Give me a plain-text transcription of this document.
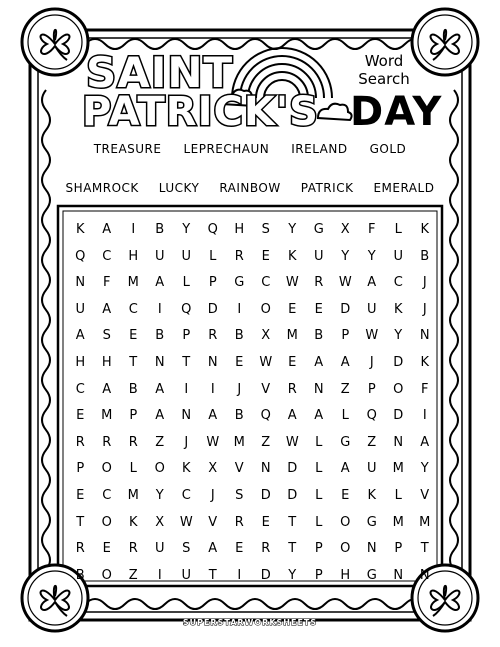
SAINT
PATRICK'S DAY
Word
Search
TREASURE LEPRECHAUN IRELAND GOLD
SHAMROCK LUCKY RAINBOW PATRICK EMERALD
K	A	I	B	Y	Q	H	S	Y	G	X	F	L	K
Q	C	H	U	U	L	R	E	K	U	Y	Y	U	B
N	F	M	A	L	P	G	C	W	R	W	A	C	J
U	A	C	I	Q	D	I	O	E	E	D	U	K	J
A	S	E	B	P	R	B	X	M	B	P	W	Y	N
H	H	T	N	T	N	E	W	E	A	A	J	D	K
C	A	B	A	I	I	J	V	R	N	Z	P	O	F
E	M	P	A	N	A	B	Q	A	A	L	Q	D	I
R	R	R	Z	J	W	M	Z	W	L	G	Z	N	A
P	O	L	O	K	X	V	N	D	L	A	U	M	Y
E	C	M	Y	C	J	S	D	D	L	E	K	L	V
T	O	K	X	W	V	R	E	T	L	O	G	M	M
R	E	R	U	S	A	E	R	T	P	O	N	P	T
B	O	Z	I	U	T	I	D	Y	P	H	G	N	N
SUPERSTARWORKSHEETS
